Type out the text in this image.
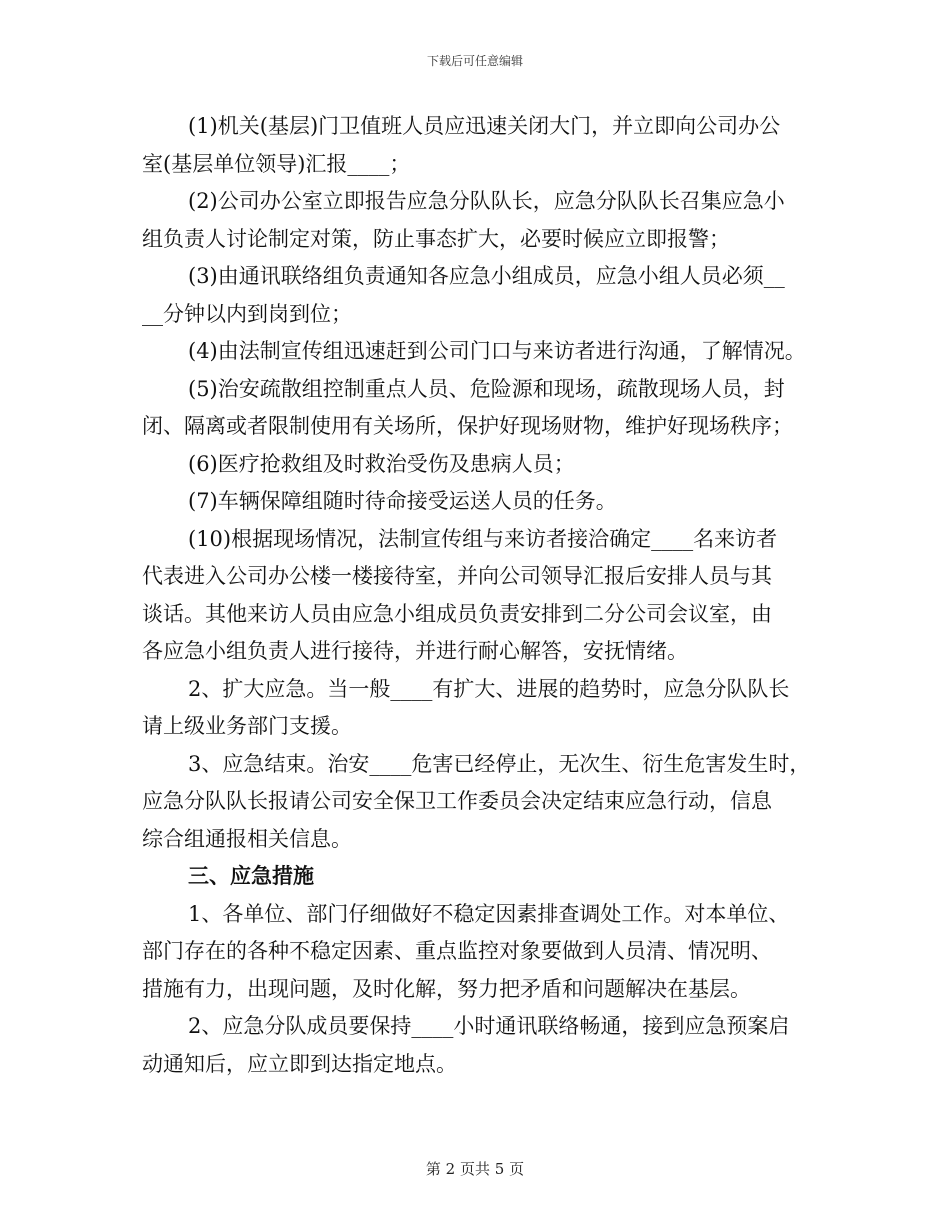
下载后可任意编辑
(1)机关(基层)门卫值班人员应迅速关闭大门，并立即向公司办公
室(基层单位领导)汇报____；
(2)公司办公室立即报告应急分队队长，应急分队队长召集应急小
组负责人讨论制定对策，防止事态扩大，必要时候应立即报警；
(3)由通讯联络组负责通知各应急小组成员，应急小组人员必须__
__分钟以内到岗到位；
(4)由法制宣传组迅速赶到公司门口与来访者进行沟通，了解情况。
(5)治安疏散组控制重点人员、危险源和现场，疏散现场人员，封
闭、隔离或者限制使用有关场所，保护好现场财物，维护好现场秩序；
(6)医疗抢救组及时救治受伤及患病人员；
(7)车辆保障组随时待命接受运送人员的任务。
(10)根据现场情况，法制宣传组与来访者接洽确定____名来访者
代表进入公司办公楼一楼接待室，并向公司领导汇报后安排人员与其
谈话。其他来访人员由应急小组成员负责安排到二分公司会议室，由
各应急小组负责人进行接待，并进行耐心解答，安抚情绪。
2、扩大应急。当一般____有扩大、进展的趋势时，应急分队队长
请上级业务部门支援。
3、应急结束。治安____危害已经停止，无次生、衍生危害发生时，
应急分队队长报请公司安全保卫工作委员会决定结束应急行动，信息
综合组通报相关信息。
三、应急措施
1、各单位、部门仔细做好不稳定因素排查调处工作。对本单位、
部门存在的各种不稳定因素、重点监控对象要做到人员清、情况明、
措施有力，出现问题，及时化解，努力把矛盾和问题解决在基层。
2、应急分队成员要保持____小时通讯联络畅通，接到应急预案启
动通知后，应立即到达指定地点。
第 2 页共 5 页
